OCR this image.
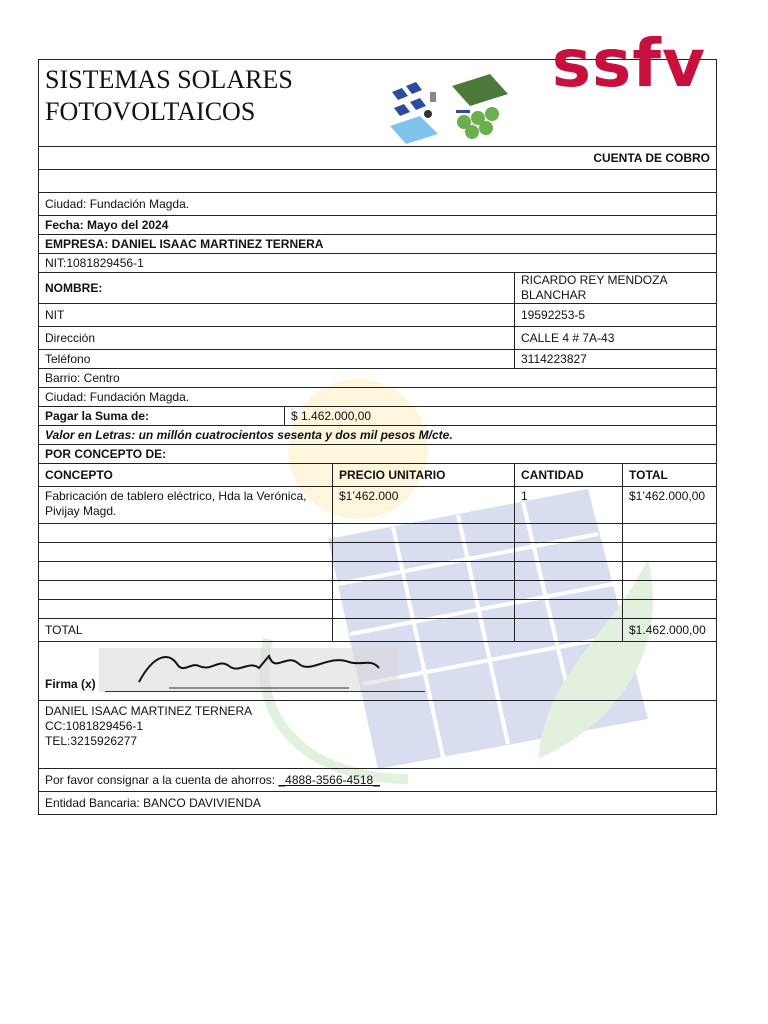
SISTEMAS SOLARES
FOTOVOLTAICOS
ssfv				

CUENTA DE COBRO				

Ciudad: Fundación Magda.				
Fecha: Mayo del 2024				
EMPRESA: DANIEL ISAAC MARTINEZ TERNERA				
NIT:1081829456-1				
NOMBRE:			RICARDO REY MENDOZA BLANCHAR	
NIT			19592253-5	
Dirección			CALLE 4 # 7A-43	
Teléfono			3114223827	
Barrio: Centro				
Ciudad: Fundación Magda.				
Pagar la Suma de:	$ 1.462.000,00			
Valor en Letras: un millón cuatrocientos sesenta y dos mil pesos M/cte.				
POR CONCEPTO DE:				
CONCEPTO		PRECIO UNITARIO	CANTIDAD	TOTAL

Fabricación de tablero eléctrico, Hda la Verónica,
Pivijay Magd.		$1’462.000	1	$1’462.000,00

TOTAL				$1.462.000,00

Firma (x)				

DANIEL ISAAC MARTINEZ TERNERA
CC:1081829456-1
TEL:3215926277				

Por favor consignar a la cuenta de ahorros: _4888-3566-4518_				
Entidad Bancaria: BANCO DAVIVIENDA				
